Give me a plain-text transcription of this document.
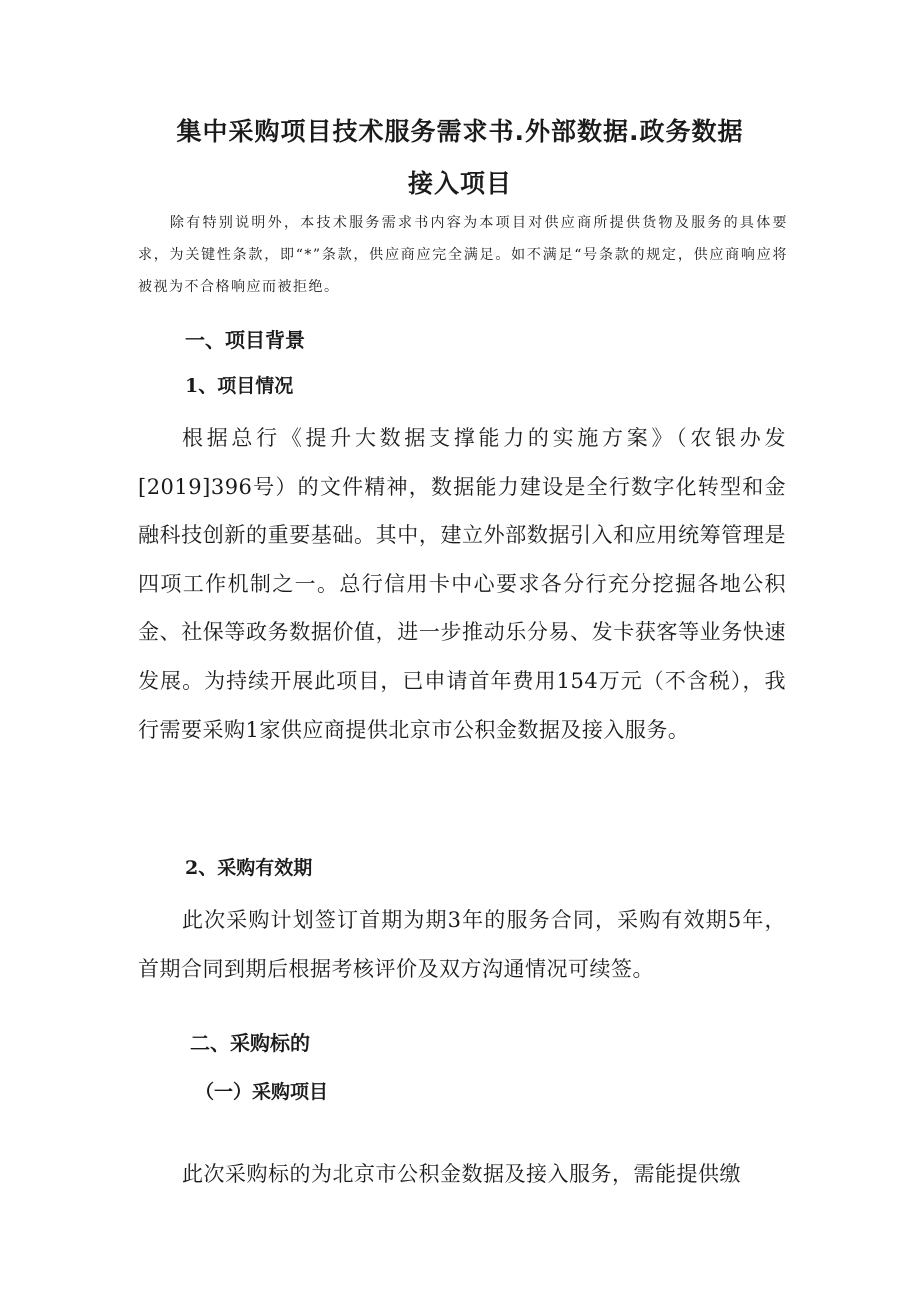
集中采购项目技术服务需求书.外部数据.政务数据
接入项目

除有特别说明外，本技术服务需求书内容为本项目对供应商所提供货物及服务的具体要求，为关键性条款，即“*”条款，供应商应完全满足。如不满足“号条款的规定，供应商响应将被视为不合格响应而被拒绝。

一、项目背景
1、项目情况

根据总行《提升大数据支撑能力的实施方案》（农银办发[2019]396号）的文件精神，数据能力建设是全行数字化转型和金融科技创新的重要基础。其中，建立外部数据引入和应用统筹管理是四项工作机制之一。总行信用卡中心要求各分行充分挖掘各地公积金、社保等政务数据价值，进一步推动乐分易、发卡获客等业务快速发展。为持续开展此项目，已申请首年费用154万元（不含税），我行需要采购1家供应商提供北京市公积金数据及接入服务。

2、采购有效期

此次采购计划签订首期为期3年的服务合同，采购有效期5年，首期合同到期后根据考核评价及双方沟通情况可续签。

二、采购标的
（一）采购项目

此次采购标的为北京市公积金数据及接入服务，需能提供缴
